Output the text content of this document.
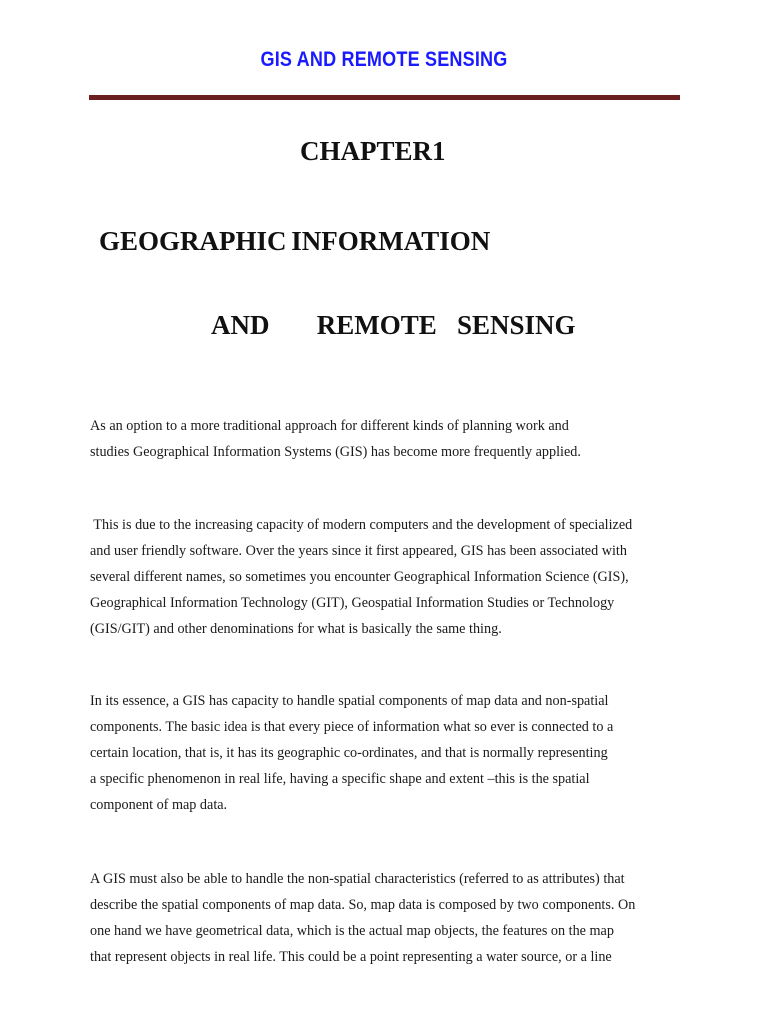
GIS AND REMOTE SENSING
CHAPTER1
GEOGRAPHIC INFORMATION
AND       REMOTE   SENSING
As an option to a more traditional approach for different kinds of planning work and
studies Geographical Information Systems (GIS) has become more frequently applied.
This is due to the increasing capacity of modern computers and the development of specialized
and user friendly software. Over the years since it first appeared, GIS has been associated with
several different names, so sometimes you encounter Geographical Information Science (GIS),
Geographical Information Technology (GIT), Geospatial Information Studies or Technology
(GIS/GIT) and other denominations for what is basically the same thing.
In its essence, a GIS has capacity to handle spatial components of map data and non-spatial
components. The basic idea is that every piece of information what so ever is connected to a
certain location, that is, it has its geographic co-ordinates, and that is normally representing
a specific phenomenon in real life, having a specific shape and extent –this is the spatial
component of map data.
A GIS must also be able to handle the non-spatial characteristics (referred to as attributes) that
describe the spatial components of map data. So, map data is composed by two components. On
one hand we have geometrical data, which is the actual map objects, the features on the map
that represent objects in real life. This could be a point representing a water source, or a line
